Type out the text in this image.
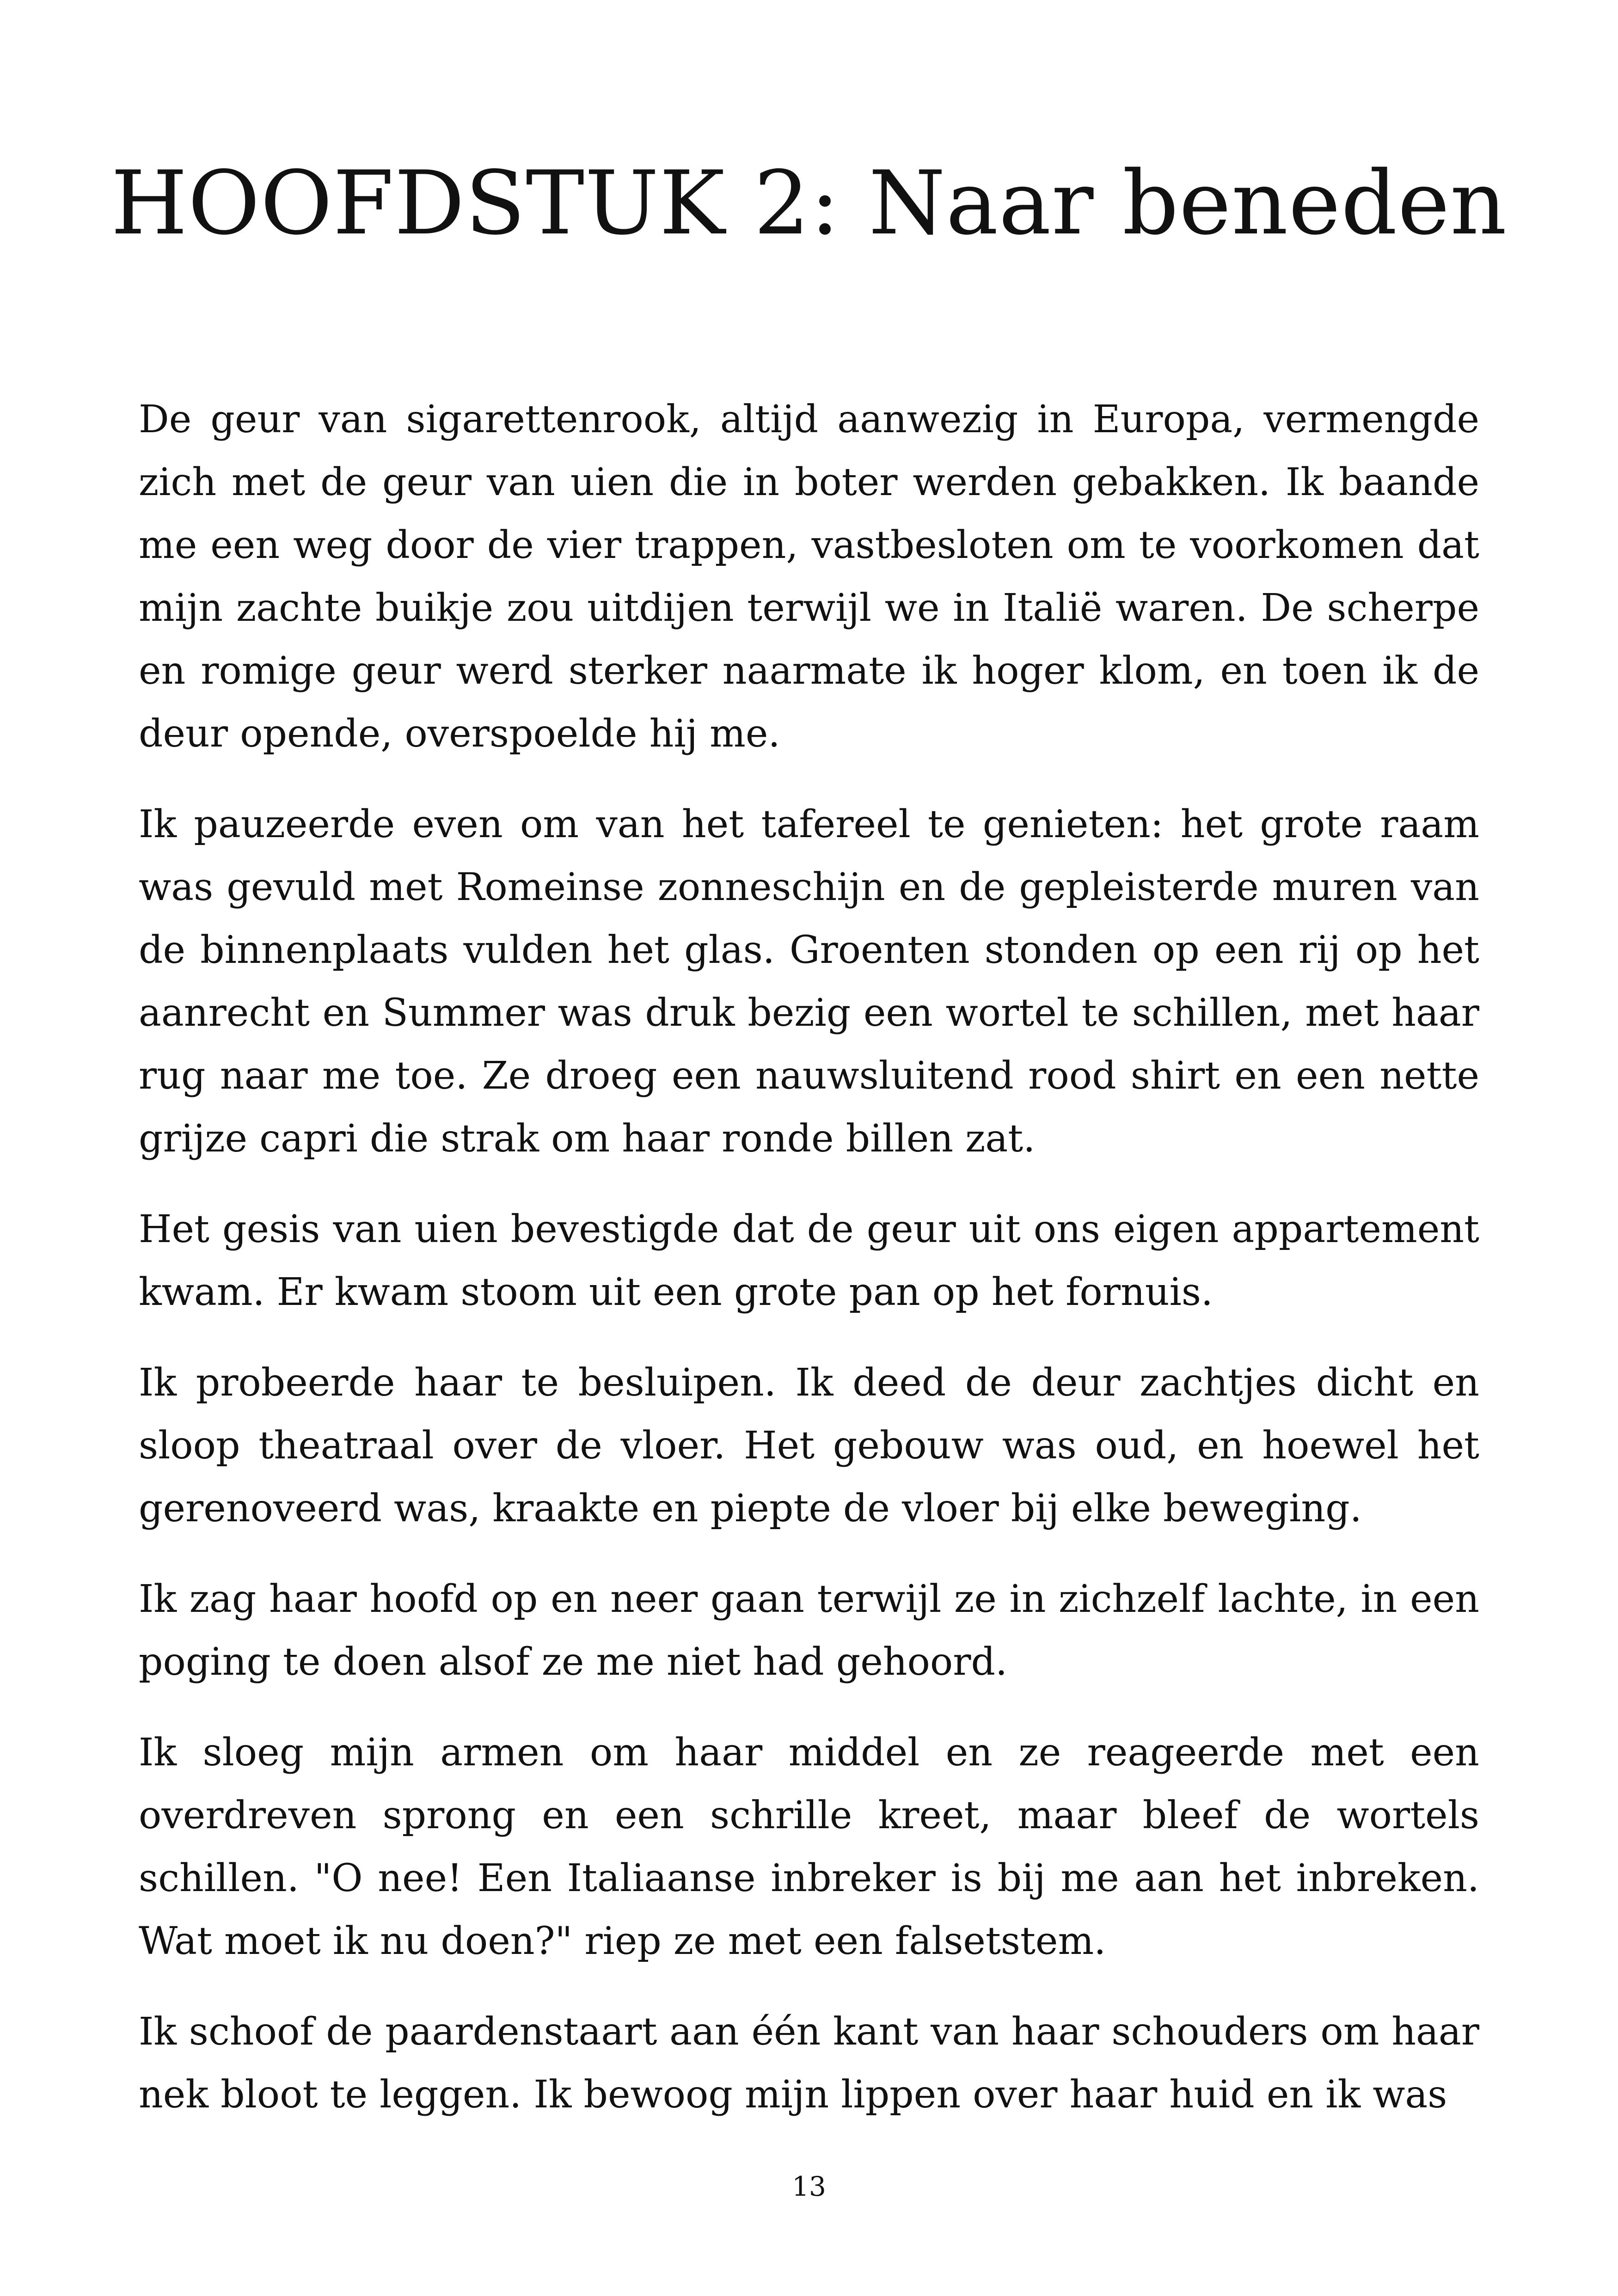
HOOFDSTUK 2: Naar beneden

De geur van sigarettenrook, altijd aanwezig in Europa, vermengde zich met de geur van uien die in boter werden gebakken. Ik baande me een weg door de vier trappen, vastbesloten om te voorkomen dat mijn zachte buikje zou uitdijen terwijl we in Italië waren. De scherpe en romige geur werd sterker naarmate ik hoger klom, en toen ik de deur opende, overspoelde hij me.

Ik pauzeerde even om van het tafereel te genieten: het grote raam was gevuld met Romeinse zonneschijn en de gepleisterde muren van de binnenplaats vulden het glas. Groenten stonden op een rij op het aanrecht en Summer was druk bezig een wortel te schillen, met haar rug naar me toe. Ze droeg een nauwsluitend rood shirt en een nette grijze capri die strak om haar ronde billen zat.

Het gesis van uien bevestigde dat de geur uit ons eigen appartement kwam. Er kwam stoom uit een grote pan op het fornuis.

Ik probeerde haar te besluipen. Ik deed de deur zachtjes dicht en sloop theatraal over de vloer. Het gebouw was oud, en hoewel het gerenoveerd was, kraakte en piepte de vloer bij elke beweging.

Ik zag haar hoofd op en neer gaan terwijl ze in zichzelf lachte, in een poging te doen alsof ze me niet had gehoord.

Ik sloeg mijn armen om haar middel en ze reageerde met een overdreven sprong en een schrille kreet, maar bleef de wortels schillen. "O nee! Een Italiaanse inbreker is bij me aan het inbreken. Wat moet ik nu doen?" riep ze met een falsetstem.

Ik schoof de paardenstaart aan één kant van haar schouders om haar nek bloot te leggen. Ik bewoog mijn lippen over haar huid en ik was

13
